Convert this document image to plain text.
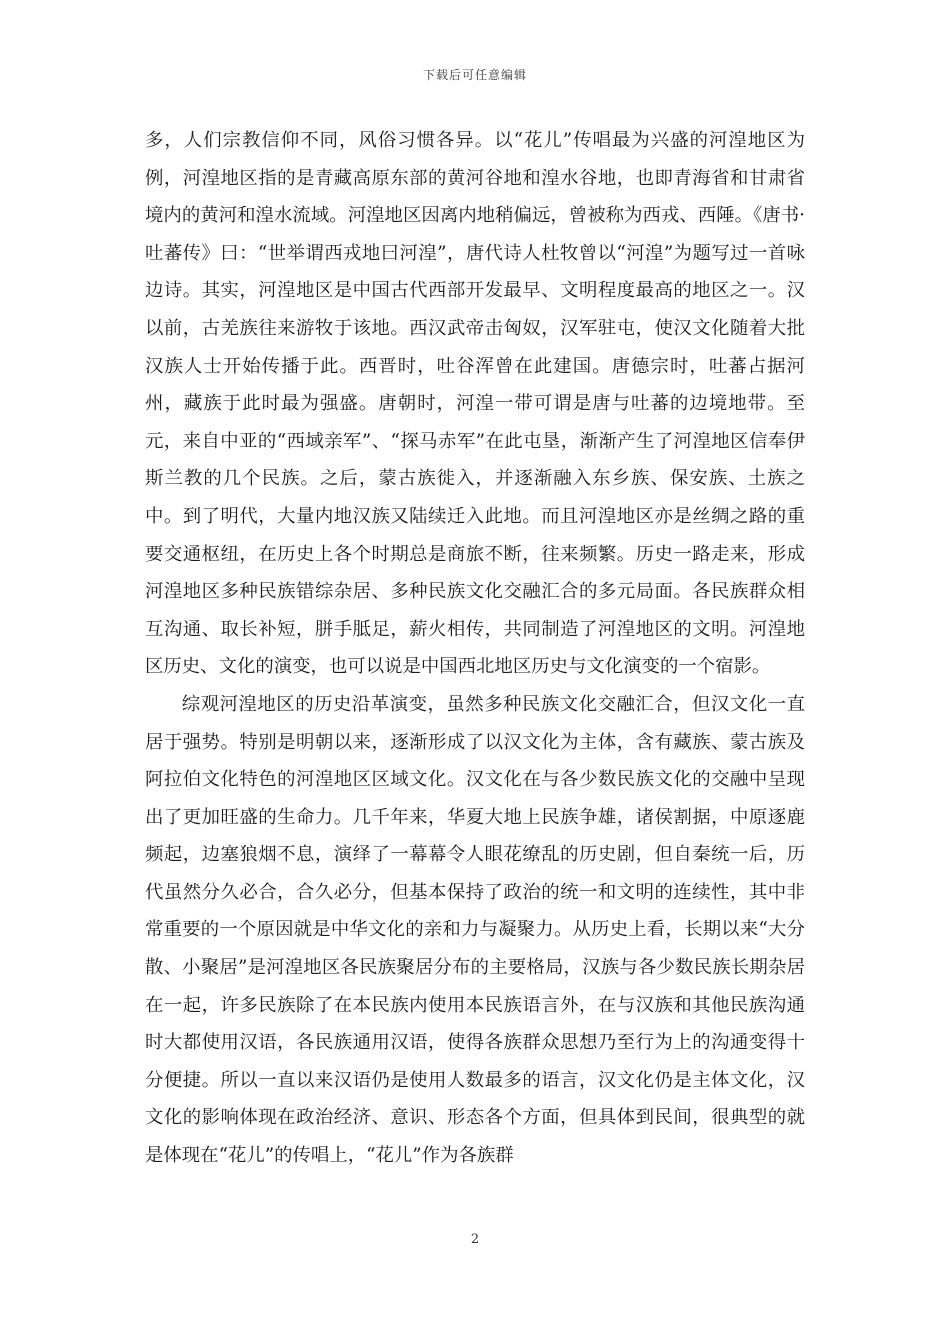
下载后可任意编辑

多，人们宗教信仰不同，风俗习惯各异。以“花儿”传唱最为兴盛的河湟地区为例，河湟地区指的是青藏高原东部的黄河谷地和湟水谷地，也即青海省和甘肃省境内的黄河和湟水流域。河湟地区因离内地稍偏远，曾被称为西戎、西陲。《唐书·吐蕃传》曰：“世举谓西戎地曰河湟”，唐代诗人杜牧曾以“河湟”为题写过一首咏边诗。其实，河湟地区是中国古代西部开发最早、文明程度最高的地区之一。汉以前，古羌族往来游牧于该地。西汉武帝击匈奴，汉军驻屯，使汉文化随着大批汉族人士开始传播于此。西晋时，吐谷浑曾在此建国。唐德宗时，吐蕃占据河州，藏族于此时最为强盛。唐朝时，河湟一带可谓是唐与吐蕃的边境地带。至元，来自中亚的“西域亲军”、“探马赤军”在此屯垦，渐渐产生了河湟地区信奉伊斯兰教的几个民族。之后，蒙古族徙入，并逐渐融入东乡族、保安族、土族之中。到了明代，大量内地汉族又陆续迁入此地。而且河湟地区亦是丝绸之路的重要交通枢纽，在历史上各个时期总是商旅不断，往来频繁。历史一路走来，形成河湟地区多种民族错综杂居、多种民族文化交融汇合的多元局面。各民族群众相互沟通、取长补短，胼手胝足，薪火相传，共同制造了河湟地区的文明。河湟地区历史、文化的演变，也可以说是中国西北地区历史与文化演变的一个宿影。

综观河湟地区的历史沿革演变，虽然多种民族文化交融汇合，但汉文化一直居于强势。特别是明朝以来，逐渐形成了以汉文化为主体，含有藏族、蒙古族及阿拉伯文化特色的河湟地区区域文化。汉文化在与各少数民族文化的交融中呈现出了更加旺盛的生命力。几千年来，华夏大地上民族争雄，诸侯割据，中原逐鹿频起，边塞狼烟不息，演绎了一幕幕令人眼花缭乱的历史剧，但自秦统一后，历代虽然分久必合，合久必分，但基本保持了政治的统一和文明的连续性，其中非常重要的一个原因就是中华文化的亲和力与凝聚力。从历史上看，长期以来“大分散、小聚居”是河湟地区各民族聚居分布的主要格局，汉族与各少数民族长期杂居在一起，许多民族除了在本民族内使用本民族语言外，在与汉族和其他民族沟通时大都使用汉语，各民族通用汉语，使得各族群众思想乃至行为上的沟通变得十分便捷。所以一直以来汉语仍是使用人数最多的语言，汉文化仍是主体文化，汉文化的影响体现在政治经济、意识、形态各个方面，但具体到民间，很典型的就是体现在“花儿”的传唱上，“花儿”作为各族群

2
